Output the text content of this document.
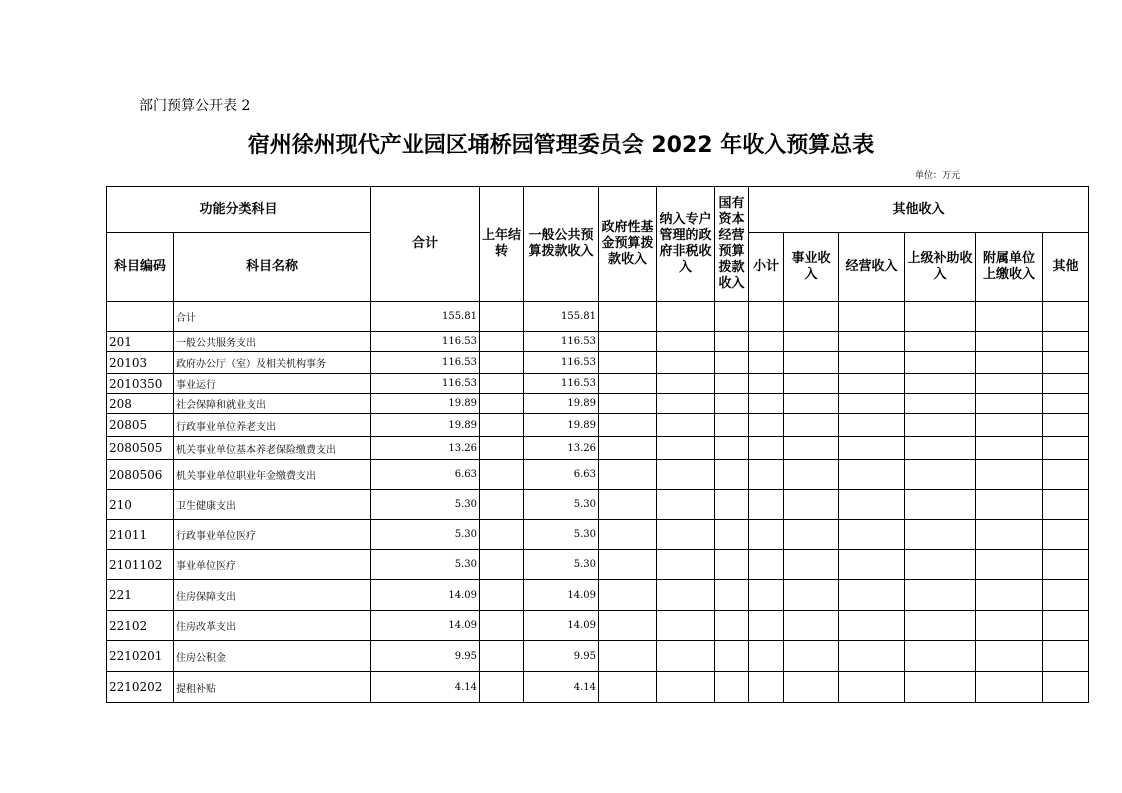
部门预算公开表 2
宿州徐州现代产业园区埇桥园管理委员会 2022 年收入预算总表
单位：万元
功能分类科目		合计	上年结转	一般公共预算拨款收入	政府性基金预算拨款收入	纳入专户管理的政府非税收入	国有资本经营预算拨款收入	其他收入					
科目编码	科目名称							小计	事业收入	经营收入	上级补助收入	附属单位上缴收入	其他
	合计	155.81		155.81									
201	一般公共服务支出	116.53		116.53									
20103	政府办公厅（室）及相关机构事务	116.53		116.53									
2010350	事业运行	116.53		116.53									
208	社会保障和就业支出	19.89		19.89									
20805	行政事业单位养老支出	19.89		19.89									
2080505	机关事业单位基本养老保险缴费支出	13.26		13.26									
2080506	机关事业单位职业年金缴费支出	6.63		6.63									
210	卫生健康支出	5.30		5.30									
21011	行政事业单位医疗	5.30		5.30									
2101102	事业单位医疗	5.30		5.30									
221	住房保障支出	14.09		14.09									
22102	住房改革支出	14.09		14.09									
2210201	住房公积金	9.95		9.95									
2210202	提租补贴	4.14		4.14									
